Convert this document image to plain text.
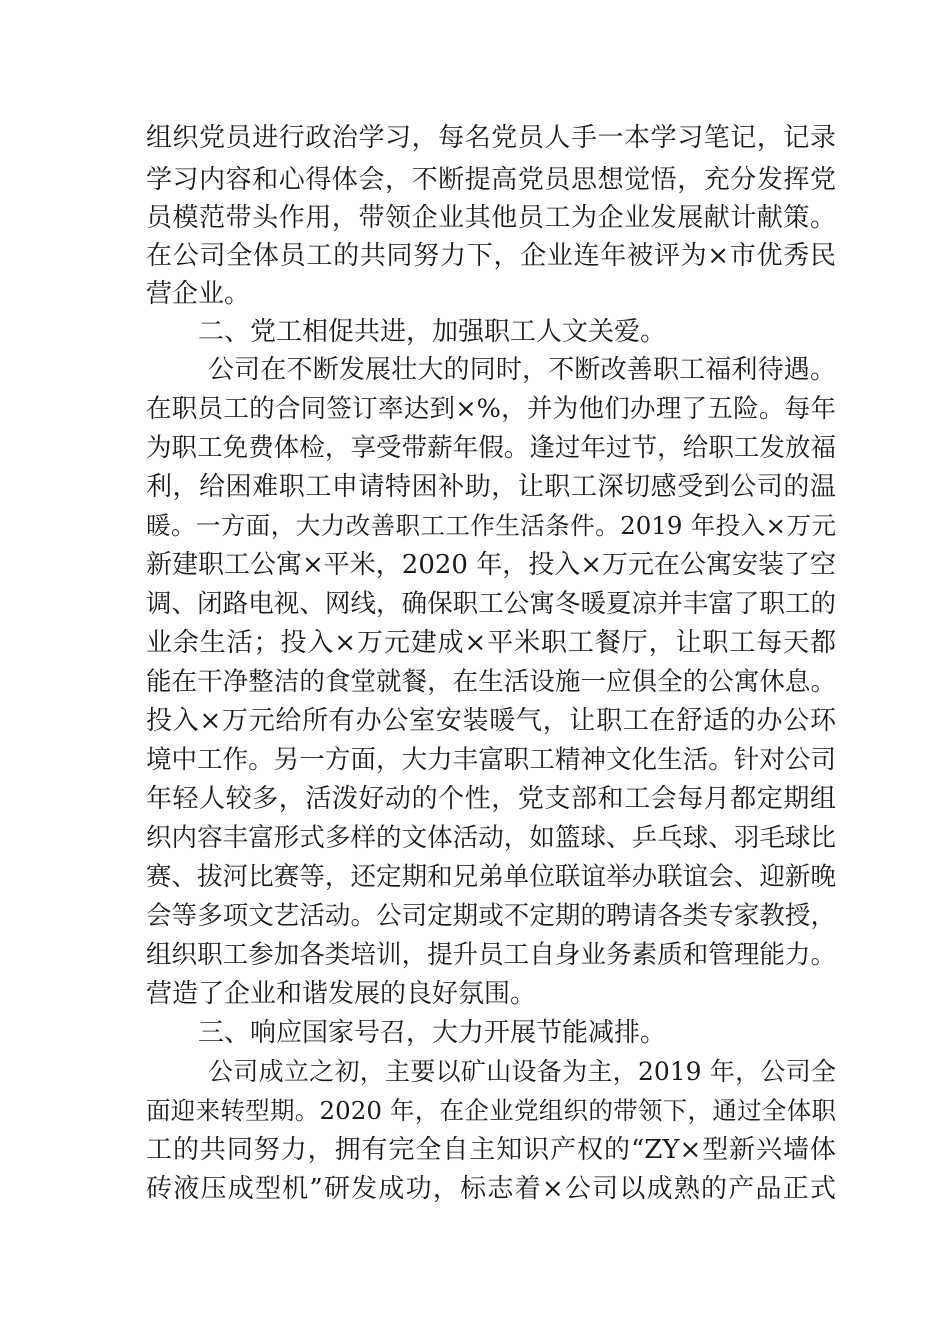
组织党员进行政治学习，每名党员人手一本学习笔记，记录
学习内容和心得体会，不断提高党员思想觉悟，充分发挥党
员模范带头作用，带领企业其他员工为企业发展献计献策。
在公司全体员工的共同努力下，企业连年被评为×市优秀民
营企业。
二、党工相促共进，加强职工人文关爱。
公司在不断发展壮大的同时，不断改善职工福利待遇。
在职员工的合同签订率达到×%，并为他们办理了五险。每年
为职工免费体检，享受带薪年假。逢过年过节，给职工发放福
利，给困难职工申请特困补助，让职工深切感受到公司的温
暖。一方面，大力改善职工工作生活条件。2019 年投入×万元
新建职工公寓×平米，2020 年，投入×万元在公寓安装了空
调、闭路电视、网线，确保职工公寓冬暖夏凉并丰富了职工的
业余生活；投入×万元建成×平米职工餐厅，让职工每天都
能在干净整洁的食堂就餐，在生活设施一应俱全的公寓休息。
投入×万元给所有办公室安装暖气，让职工在舒适的办公环
境中工作。另一方面，大力丰富职工精神文化生活。针对公司
年轻人较多，活泼好动的个性，党支部和工会每月都定期组
织内容丰富形式多样的文体活动，如篮球、乒乓球、羽毛球比
赛、拔河比赛等，还定期和兄弟单位联谊举办联谊会、迎新晚
会等多项文艺活动。公司定期或不定期的聘请各类专家教授，
组织职工参加各类培训，提升员工自身业务素质和管理能力。
营造了企业和谐发展的良好氛围。
三、响应国家号召，大力开展节能减排。
公司成立之初，主要以矿山设备为主，2019 年，公司全
面迎来转型期。2020 年，在企业党组织的带领下，通过全体职
工的共同努力，拥有完全自主知识产权的“ZY×型新兴墙体
砖液压成型机”研发成功，标志着×公司以成熟的产品正式
